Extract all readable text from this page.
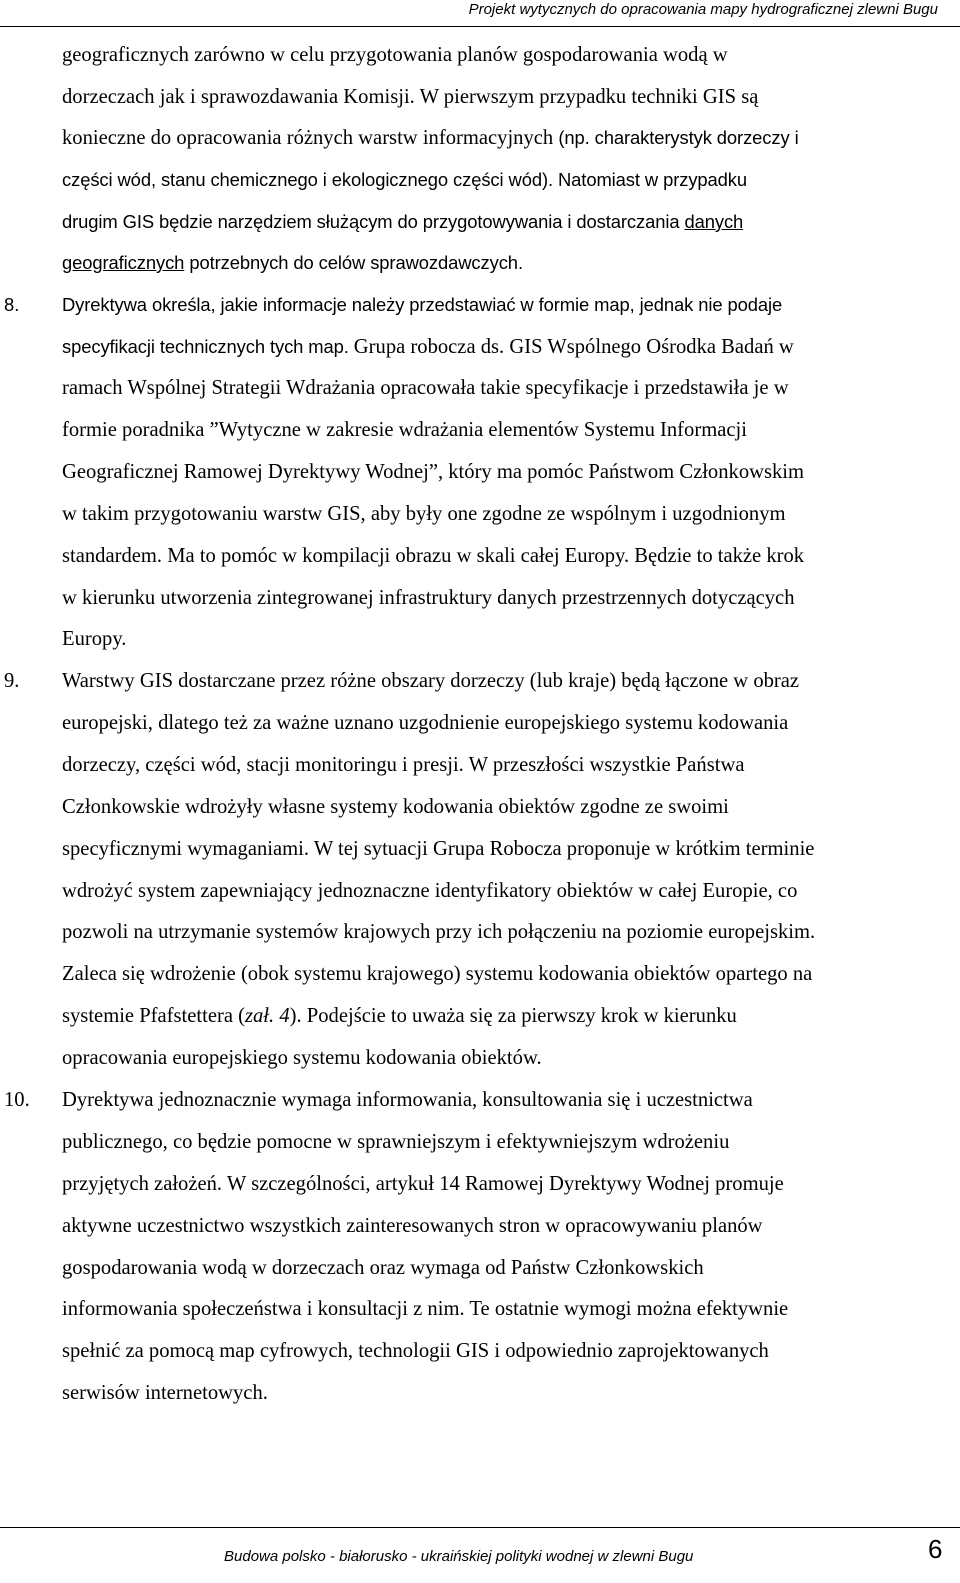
Projekt wytycznych do opracowania mapy hydrograficznej zlewni Bugu
geograficznych zarówno w celu przygotowania planów gospodarowania wodą w
dorzeczach jak i sprawozdawania Komisji. W pierwszym przypadku techniki GIS są
konieczne do opracowania różnych warstw informacyjnych (np. charakterystyk dorzeczy i
części wód, stanu chemicznego i ekologicznego części wód). Natomiast w przypadku
drugim GIS będzie narzędziem służącym do przygotowywania i dostarczania danych
geograficznych potrzebnych do celów sprawozdawczych.
Dyrektywa określa, jakie informacje należy przedstawiać w formie map, jednak nie podaje
specyfikacji technicznych tych map. Grupa robocza ds. GIS Wspólnego Ośrodka Badań w
ramach Wspólnej Strategii Wdrażania opracowała takie specyfikacje i przedstawiła je w
formie poradnika ”Wytyczne w zakresie wdrażania elementów Systemu Informacji
Geograficznej Ramowej Dyrektywy Wodnej”, który ma pomóc Państwom Członkowskim
w takim przygotowaniu warstw GIS, aby były one zgodne ze wspólnym i uzgodnionym
standardem. Ma to pomóc w kompilacji obrazu w skali całej Europy. Będzie to także krok
w kierunku utworzenia zintegrowanej infrastruktury danych przestrzennych dotyczących
Europy.
Warstwy GIS dostarczane przez różne obszary dorzeczy (lub kraje) będą łączone w obraz
europejski, dlatego też za ważne uznano uzgodnienie europejskiego systemu kodowania
dorzeczy, części wód, stacji monitoringu i presji. W przeszłości wszystkie Państwa
Członkowskie wdrożyły własne systemy kodowania obiektów zgodne ze swoimi
specyficznymi wymaganiami. W tej sytuacji Grupa Robocza proponuje w krótkim terminie
wdrożyć system zapewniający jednoznaczne identyfikatory obiektów w całej Europie, co
pozwoli na utrzymanie systemów krajowych przy ich połączeniu na poziomie europejskim.
Zaleca się wdrożenie (obok systemu krajowego) systemu kodowania obiektów opartego na
systemie Pfafstettera (zał. 4). Podejście to uważa się za pierwszy krok w kierunku
opracowania europejskiego systemu kodowania obiektów.
Dyrektywa jednoznacznie wymaga informowania, konsultowania się i uczestnictwa
publicznego, co będzie pomocne w sprawniejszym i efektywniejszym wdrożeniu
przyjętych założeń. W szczególności, artykuł 14 Ramowej Dyrektywy Wodnej promuje
aktywne uczestnictwo wszystkich zainteresowanych stron w opracowywaniu planów
gospodarowania wodą w dorzeczach oraz wymaga od Państw Członkowskich
informowania społeczeństwa i konsultacji z nim. Te ostatnie wymogi można efektywnie
spełnić za pomocą map cyfrowych, technologii GIS i odpowiednio zaprojektowanych
serwisów internetowych.
8.
9.
10.
Budowa polsko - białorusko - ukraińskiej polityki wodnej w zlewni Bugu	6
